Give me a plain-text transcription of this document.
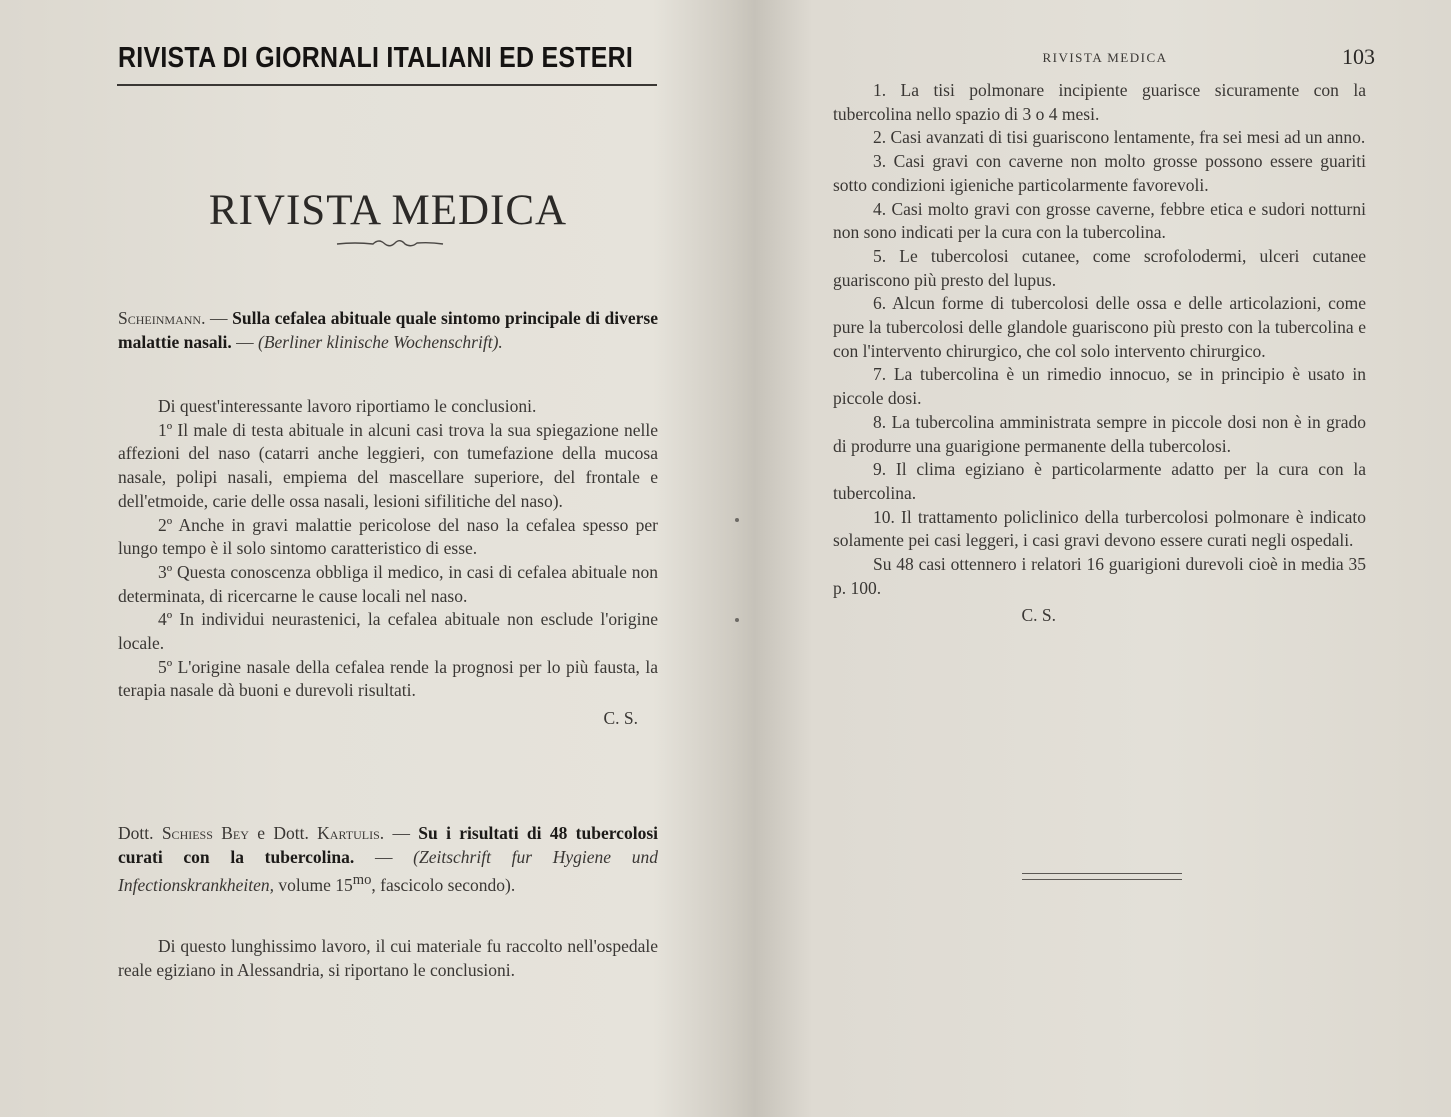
RIVISTA DI GIORNALI ITALIANI ED ESTERI
RIVISTA MEDICA

Scheinmann. — Sulla cefalea abituale quale sintomo principale di diverse malattie nasali. — (Berliner klinische Wochenschrift).

Di quest'interessante lavoro riportiamo le conclusioni.

1º Il male di testa abituale in alcuni casi trova la sua spiegazione nelle affezioni del naso (catarri anche leggieri, con tumefazione della mucosa nasale, polipi nasali, empiema del mascellare superiore, del frontale e dell'etmoide, carie delle ossa nasali, lesioni sifilitiche del naso).

2º Anche in gravi malattie pericolose del naso la cefalea spesso per lungo tempo è il solo sintomo caratteristico di esse.

3º Questa conoscenza obbliga il medico, in casi di cefalea abituale non determinata, di ricercarne le cause locali nel naso.

4º In individui neurastenici, la cefalea abituale non esclude l'origine locale.

5º L'origine nasale della cefalea rende la prognosi per lo più fausta, la terapia nasale dà buoni e durevoli risultati.

C. S.

Dott. Schiess Bey e Dott. Kartulis. — Su i risultati di 48 tubercolosi curati con la tubercolina. — (Zeitschrift fur Hygiene und Infectionskrankheiten, volume $15^{mo}$, fascicolo secondo).

Di questo lunghissimo lavoro, il cui materiale fu raccolto nell'ospedale reale egiziano in Alessandria, si riportano le conclusioni.

RIVISTA MEDICA	103

1. La tisi polmonare incipiente guarisce sicuramente con la tubercolina nello spazio di 3 o 4 mesi.

2. Casi avanzati di tisi guariscono lentamente, fra sei mesi ad un anno.

3. Casi gravi con caverne non molto grosse possono essere guariti sotto condizioni igieniche particolarmente favorevoli.

4. Casi molto gravi con grosse caverne, febbre etica e sudori notturni non sono indicati per la cura con la tubercolina.

5. Le tubercolosi cutanee, come scrofolodermi, ulceri cutanee guariscono più presto del lupus.

6. Alcun forme di tubercolosi delle ossa e delle articolazioni, come pure la tubercolosi delle glandole guariscono più presto con la tubercolina e con l'intervento chirurgico, che col solo intervento chirurgico.

7. La tubercolina è un rimedio innocuo, se in principio è usato in piccole dosi.

8. La tubercolina amministrata sempre in piccole dosi non è in grado di produrre una guarigione permanente della tubercolosi.

9. Il clima egiziano è particolarmente adatto per la cura con la tubercolina.

10. Il trattamento policlinico della turbercolosi polmonare è indicato solamente pei casi leggeri, i casi gravi devono essere curati negli ospedali.

Su 48 casi ottennero i relatori 16 guarigioni durevoli cioè in media 35 p. 100.

C. S.
